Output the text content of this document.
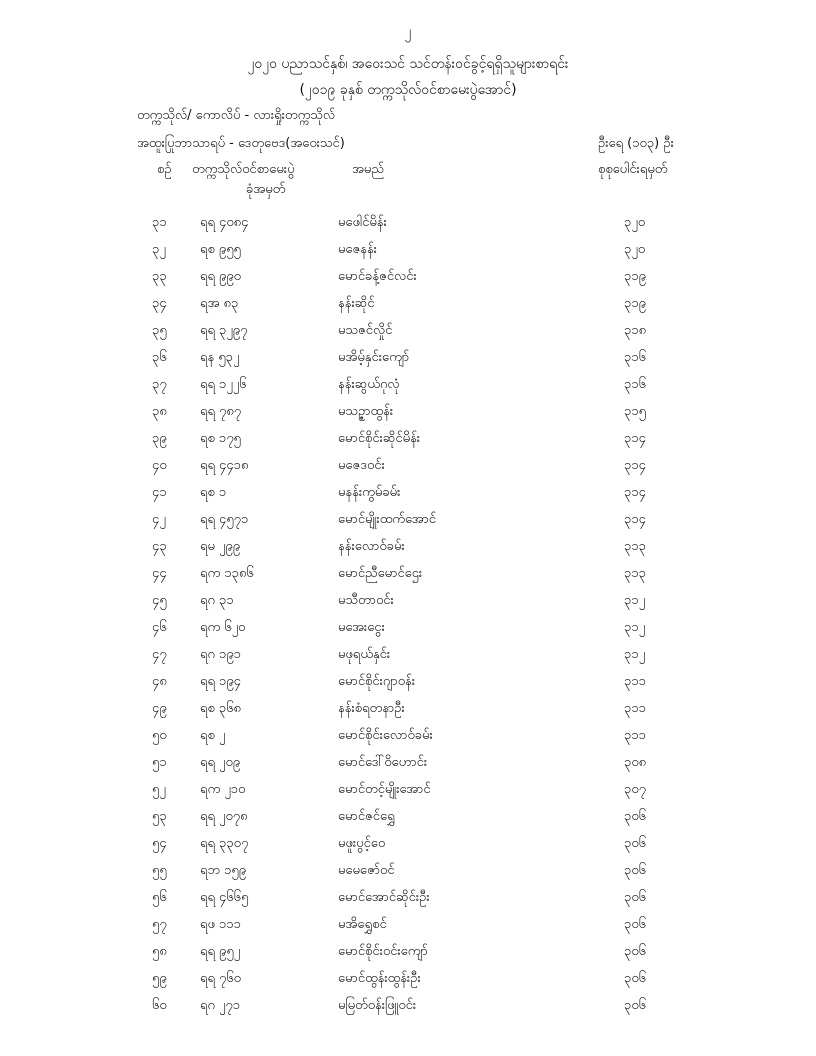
၂
၂၀၂၀ ပညာသင်နှစ်၊ အဝေးသင် သင်တန်းဝင်ခွင့်ရရှိသူများစာရင်း
(၂၀၁၉ ခုနှစ် တက္ကသိုလ်ဝင်စာမေးပွဲအောင်)
တက္ကသိုလ်/ ကောလိပ် - လားရှိုးတက္ကသိုလ်
အထူးပြုဘာသာရပ် - ဒေတုဗေဒ(အဝေးသင်)	ဦးရေ (၁၀၃) ဦး
စဉ် တက္ကသိုလ်ဝင်စာမေးပွဲ
ခုံအမှတ်
အမည်	စုစုပေါင်းရမှတ်
၃၁	ရရ ၄၀၈၄	မဖေါင်မိန်း	၃၂၀
၃၂	ရစ ၉၅၅	မဇေနန်း	၃၂၀
၃၃	ရရ ၉၉၀	မောင်ခန့်ဇင်လင်း	၃၁၉
၃၄	ရအ ၈၃	နန်းဆိုင်	၃၁၉
၃၅	ရရ ၃၂၉၇	မသဇင်လှိုင်	၃၁၈
၃၆	ရန ၅၃၂	မအိမ့်နှင်းကျော်	၃၁၆
၃၇	ရရ ၁၂၂၆	နန်းဆွယ်ဂုလုံ	၃၁၆
၃၈	ရရ ၇၈၇	မသဥ္ဇာထွန်း	၃၁၅
၃၉	ရစ ၁၇၅	မောင်စိုင်းဆိုင်မိန်း	၃၁၄
၄၀	ရရ ၄၄၁၈	မဇေဒဝင်း	၃၁၄
၄၁	ရစ ၁	မနန်းကွမ်ခမ်း	၃၁၄
၄၂	ရရ ၄၅၇၁	မောင်မျိုးထက်အောင်	၃၁၄
၄၃	ရမ ၂၉၉	နန်းလောဝ်ခမ်း	၃၁၃
၄၄	ရက ၁၃၈၆	မောင်ညီမောင်ဌေး	၃၁၃
၄၅	ရဂ ၃၁	မသီတာဝင်း	၃၁၂
၄၆	ရက ၆၂၀	မအေးငွေး	၃၁၂
၄၇	ရဂ ၁၉၁	မဖုရယ်နှင်း	၃၁၂
၄၈	ရရ ၁၉၄	မောင်စိုင်းဂျာဝန်း	၃၁၁
၄၉	ရစ ၃၆၈	နန်းစံရတနာဦး	၃၁၁
၅၀	ရစ ၂	မောင်စိုင်းလောဝ်ခမ်း	၃၁၁
၅၁	ရရ ၂၀၉	မောင်ဒေါ်ဝိဟောင်း	၃၀၈
၅၂	ရက ၂၁၀	မောင်တင့်မျိုးအောင်	၃၀၇
၅၃	ရရ ၂၀၇၈	မောင်ဇင်ရွှေ	၃၀၆
၅၄	ရရ ၃၃၀၇	မဖူးပွင့်ဝေ	၃၀၆
၅၅	ရဘ ၁၅၉	မမေဇော်ဝင်	၃၀၆
၅၆	ရရ ၄၆၆၅	မောင်အောင်ဆိုင်းဦး	၃၀၆
၅၇	ရဖ ၁၁၁	မအိရွှေစင်	၃၀၆
၅၈	ရရ ၉၅၂	မောင်စိုင်းဝင်းကျော်	၃၀၆
၅၉	ရရ ၇၆၀	မောင်ထွန်းထွန်းဦး	၃၀၆
၆၀	ရဂ ၂၇၁	မမြတ်ဝန်းဖြူဝင်း	၃၀၆
